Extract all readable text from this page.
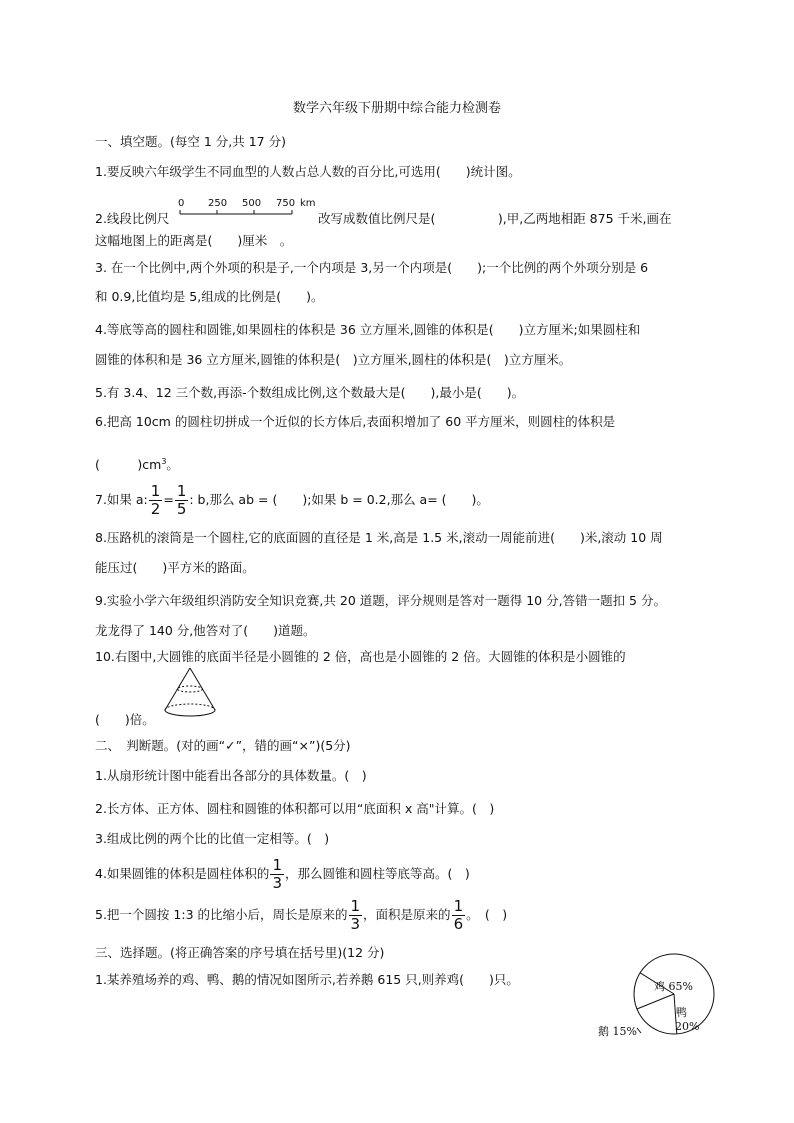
数学六年级下册期中综合能力检测卷
一、填空题。(每空 1 分,共 17 分)
1.要反映六年级学生不同血型的人数占总人数的百分比,可选用(　　)统计图。
2.线段比例尺
0 250 500 750 km
改写成数值比例尺是(　　　　　),甲,乙两地相距 875 千米,画在
这幅地图上的距离是(　　)厘米　。
3. 在一个比例中,两个外项的积是子,一个内项是 3,另一个内项是(　　);一个比例的两个外项分别是 6
和 0.9,比值均是 5,组成的比例是(　　)。
4.等底等高的圆柱和圆锥,如果圆柱的体积是 36 立方厘米,圆锥的体积是(　　)立方厘米;如果圆柱和
圆锥的体积和是 36 立方厘米,圆锥的体积是(　)立方厘米,圆柱的体积是(　)立方厘米。
5.有 3.4、12 三个数,再添-个数组成比例,这个数最大是(　　),最小是(　　)。
6.把高 10cm 的圆柱切拼成一个近似的长方体后,表面积增加了 60 平方厘米，则圆柱的体积是
(　　　)$cm^3$。
7.如果 a: $\frac{1}{2} = \frac{1}{5}$ : b,那么 ab = (　　);如果 b = 0.2,那么 a= (　　)。
8.压路机的滚筒是一个圆柱,它的底面圆的直径是 1 米,高是 1.5 米,滚动一周能前进(　　)米,滚动 10 周
能压过(　　)平方米的路面。
9.实验小学六年级组织消防安全知识竞赛,共 20 道题，评分规则是答对一题得 10 分,答错一题扣 5 分。
龙龙得了 140 分,他答对了(　　)道题。
10.右图中,大圆锥的底面半径是小圆锥的 2 倍，高也是小圆锥的 2 倍。大圆锥的体积是小圆锥的
(　　)倍。
二、　判断题。(对的画“✓”，错的画“×”)(5分)
1.从扇形统计图中能看出各部分的具体数量。(　)
2.长方体、正方体、圆柱和圆锥的体积都可以用“底面积 x 高"计算。(　)
3.组成比例的两个比的比值一定相等。(　)
4.如果圆锥的体积是圆柱体积的 $\frac{1}{3}$ ，那么圆锥和圆柱等底等高。(　)
5.把一个圆按 1:3 的比缩小后，周长是原来的 $\frac{1}{3}$ ，面积是原来的 $\frac{1}{6}$ 。　(　)
三、选择题。(将正确答案的序号填在括号里)(12 分)
1.某养殖场养的鸡、鸭、鹅的情况如图所示,若养鹅 615 只,则养鸡(　　)只。	鸡 65%
鸭
20%
鹅 15%
